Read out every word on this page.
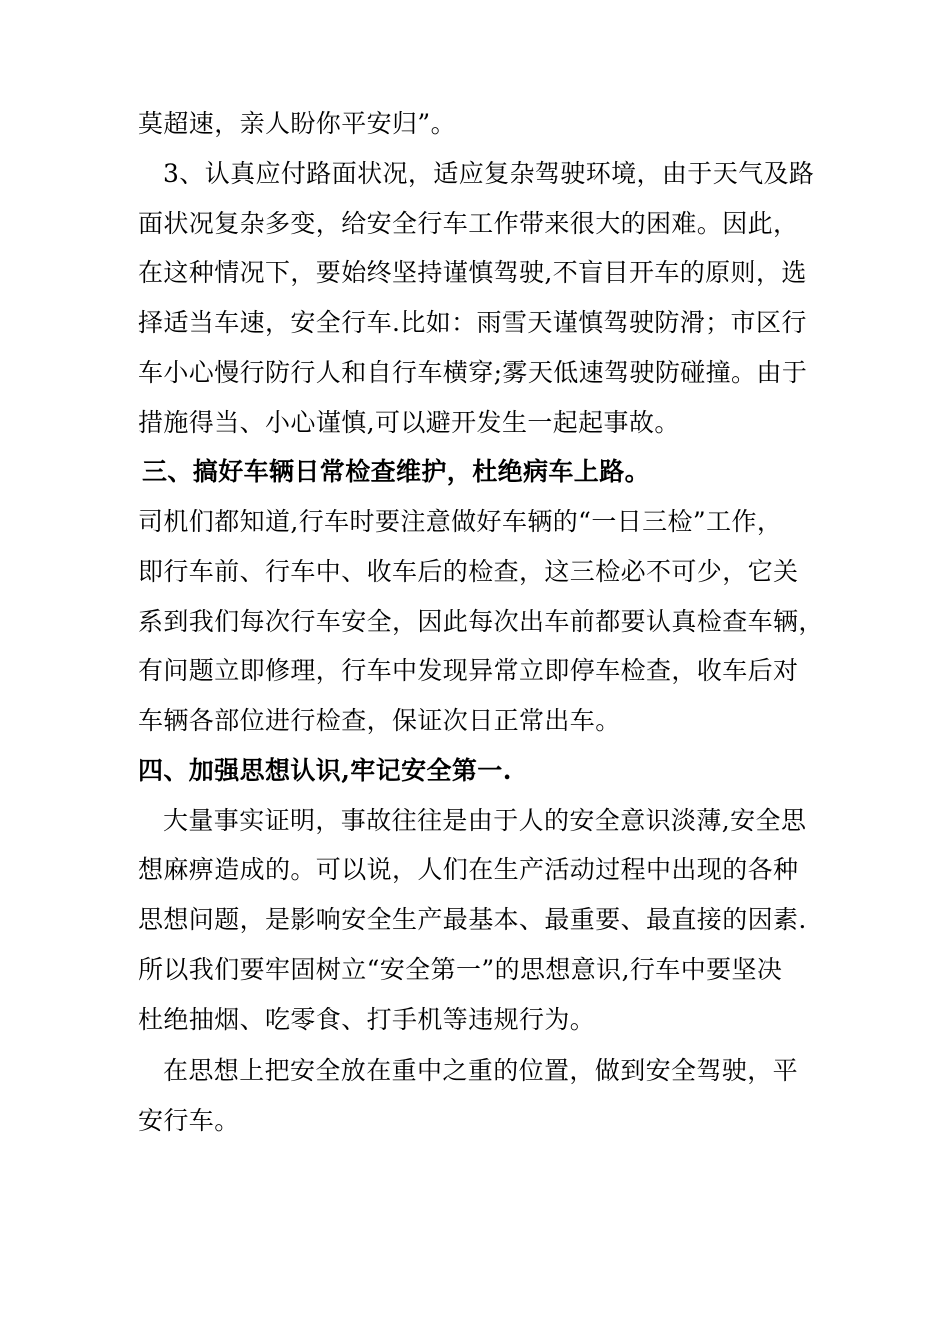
莫超速，亲人盼你平安归”。
3、认真应付路面状况，适应复杂驾驶环境，由于天气及路
面状况复杂多变，给安全行车工作带来很大的困难。因此，
在这种情况下，要始终坚持谨慎驾驶,不盲目开车的原则，选
择适当车速，安全行车.比如：雨雪天谨慎驾驶防滑；市区行
车小心慢行防行人和自行车横穿;雾天低速驾驶防碰撞。由于
措施得当、小心谨慎,可以避开发生一起起事故。
三、搞好车辆日常检查维护，杜绝病车上路。
司机们都知道,行车时要注意做好车辆的“一日三检”工作，
即行车前、行车中、收车后的检查，这三检必不可少，它关
系到我们每次行车安全，因此每次出车前都要认真检查车辆，
有问题立即修理，行车中发现异常立即停车检查，收车后对
车辆各部位进行检查，保证次日正常出车。
四、加强思想认识,牢记安全第一.
大量事实证明，事故往往是由于人的安全意识淡薄,安全思
想麻痹造成的。可以说，人们在生产活动过程中出现的各种
思想问题，是影响安全生产最基本、最重要、最直接的因素.
所以我们要牢固树立“安全第一”的思想意识,行车中要坚决
杜绝抽烟、吃零食、打手机等违规行为。
在思想上把安全放在重中之重的位置，做到安全驾驶，平
安行车。
